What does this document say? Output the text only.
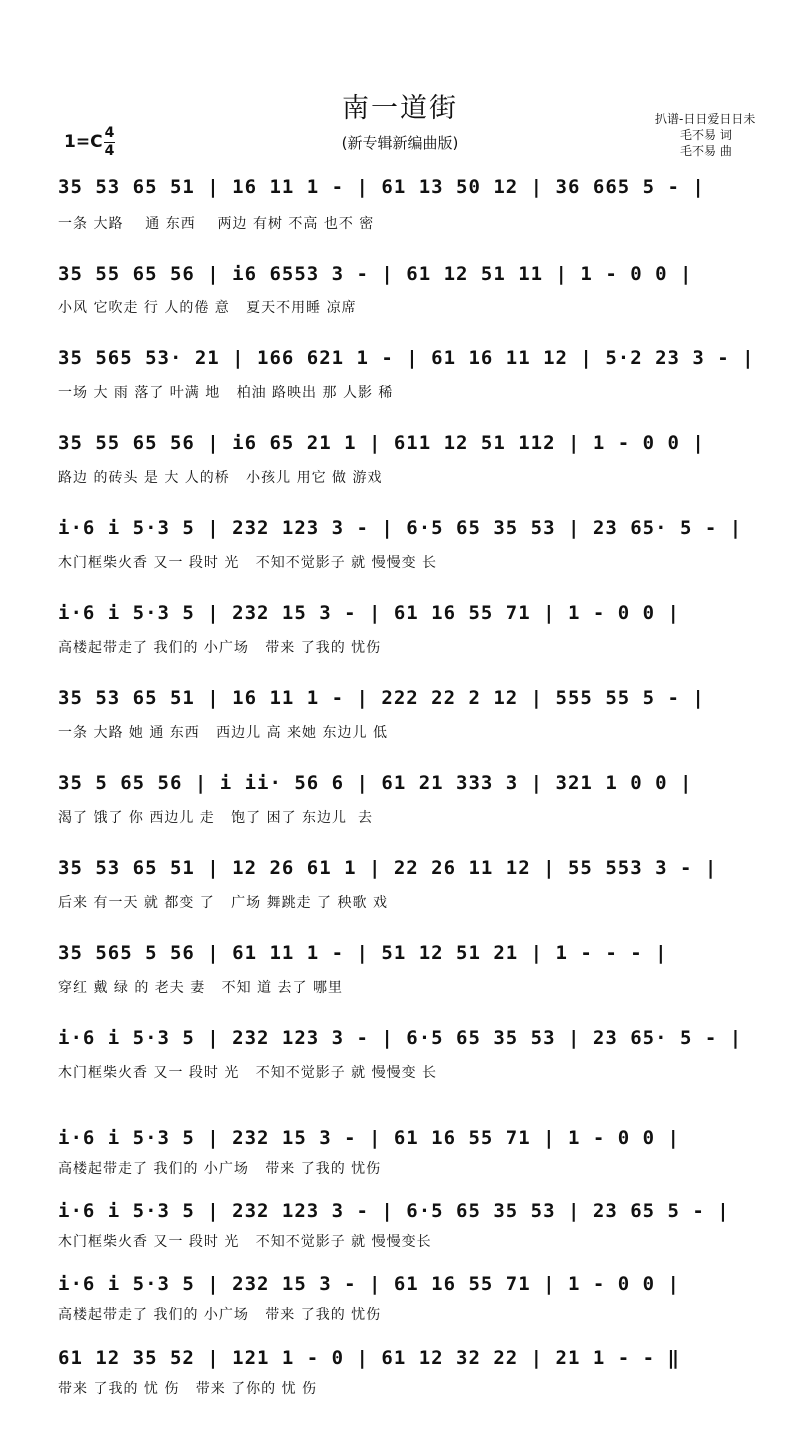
南一道街
(新专辑新编曲版)
扒谱-日日爱日日未
毛不易 词
毛不易 曲
1=C 4
4
35 53 65 51 | 16 11 1 - | 61 13 50 12 | 36 665 5 - |
一条 大路    通 东西    两边 有树 不高 也不 密
35 55 65 56 | i6 6553 3 - | 61 12 51 11 | 1 - 0 0 |
小风 它吹走 行 人的倦 意   夏天不用睡 凉席
35 565 53· 21 | 166 621 1 - | 61 16 11 12 | 5·2 23 3 - |
一场 大 雨 落了 叶满 地   柏油 路映出 那 人影 稀
35 55 65 56 | i6 65 21 1 | 611 12 51 112 | 1 - 0 0 |
路边 的砖头 是 大 人的桥   小孩儿 用它 做 游戏
i·6 i 5·3 5 | 232 123 3 - | 6·5 65 35 53 | 23 65· 5 - |
木门框柴火香 又一 段时 光   不知不觉影子 就 慢慢变 长
i·6 i 5·3 5 | 232 15 3 - | 61 16 55 71 | 1 - 0 0 |
高楼起带走了 我们的 小广场   带来 了我的 忧伤
35 53 65 51 | 16 11 1 - | 222 22 2 12 | 555 55 5 - |
一条 大路 她 通 东西   西边儿 高 来她 东边儿 低
35 5 65 56 | i ii· 56 6 | 61 21 333 3 | 321 1 0 0 |
渴了 饿了 你 西边儿 走   饱了 困了 东边儿  去
35 53 65 51 | 12 26 61 1 | 22 26 11 12 | 55 553 3 - |
后来 有一天 就 都变 了   广场 舞跳走 了 秧歌 戏
35 565 5 56 | 61 11 1 - | 51 12 51 21 | 1 - - - |
穿红 戴 绿 的 老夫 妻   不知 道 去了 哪里
i·6 i 5·3 5 | 232 123 3 - | 6·5 65 35 53 | 23 65· 5 - |
木门框柴火香 又一 段时 光   不知不觉影子 就 慢慢变 长
i·6 i 5·3 5 | 232 15 3 - | 61 16 55 71 | 1 - 0 0 |
高楼起带走了 我们的 小广场   带来 了我的 忧伤
i·6 i 5·3 5 | 232 123 3 - | 6·5 65 35 53 | 23 65 5 - |
木门框柴火香 又一 段时 光   不知不觉影子 就 慢慢变长
i·6 i 5·3 5 | 232 15 3 - | 61 16 55 71 | 1 - 0 0 |
高楼起带走了 我们的 小广场   带来 了我的 忧伤
61 12 35 52 | 121 1 - 0 | 61 12 32 22 | 21 1 - - ‖
带来 了我的 忧 伤   带来 了你的 忧 伤
